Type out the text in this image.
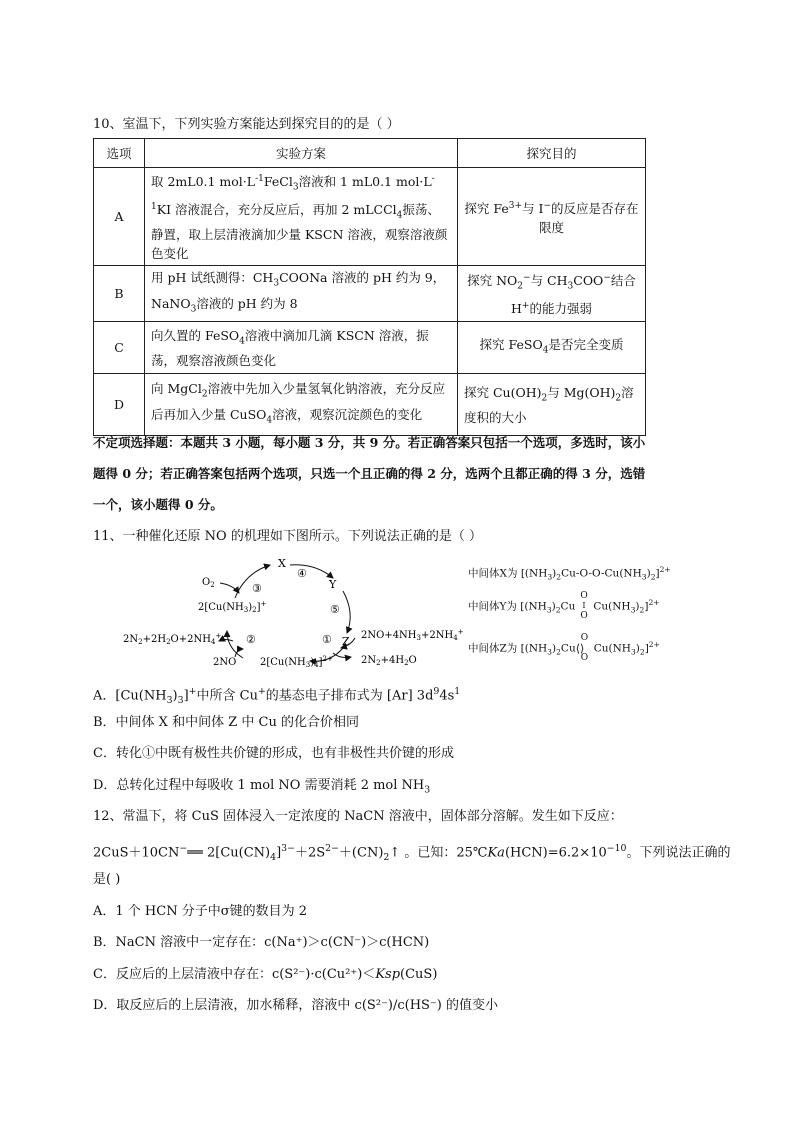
10、室温下，下列实验方案能达到探究目的的是（ ）
选项	实验方案	探究目的
A	取 2mL0.1 $mol\cdot L^{-1}FeCl_3$溶液和 1 mL0.1 $mol\cdot L^{-1}KI$ 溶液混合，充分反应后，再加 2 mLCCl$_4$振荡、静置，取上层清液滴加少量 KSCN 溶液，观察溶液颜色变化	探究 $Fe^{3+}$与 I−的反应是否存在限度
B	用 pH 试纸测得：$CH_3COONa$ 溶液的 pH 约为 9，NaNO$_3$溶液的 pH 约为 8	探究 $NO_2^-$与 $CH_3COO^-$结合 H+的能力强弱
C	向久置的 FeSO$_4$溶液中滴加几滴 KSCN 溶液，振荡，观察溶液颜色变化	探究 FeSO$_4$是否完全变质
D	向 MgCl$_2$溶液中先加入少量氢氧化钠溶液，充分反应后再加入少量 CuSO$_4$溶液，观察沉淀颜色的变化	探究 $Cu(OH)_2$与 $Mg(OH)_2$溶度积的大小
不定项选择题：本题共 3 小题，每小题 3 分，共 9 分。若正确答案只包括一个选项，多选时，该小
题得 0 分；若正确答案包括两个选项，只选一个且正确的得 2 分，选两个且都正确的得 3 分，选错
一个，该小题得 0 分。
11、一种催化还原 NO 的机理如下图所示。下列说法正确的是（ ）
X
Y
Z
④
⑤
①
②
③
$O_2$
$2[Cu(NH_3)_2]^+$
$2N_2+2H_2O+2NH_4^+$
2NO $2[Cu(NH_3)_4]^{2+}$
$2NO+4NH_3+2NH_4^+$
$2N_2+4H_2O$
中间体X为 $[(NH_3)_2Cu-O-O-Cu(NH_3)_2]^{2+}$
中间体Y为 [$(NH_3)_2Cu$
O
I
O
$Cu(NH_3)_2]^{2+}$
中间体Z为 [$(NH_3)_2Cu$
O
⟨⟩
O
$Cu(NH_3)_2]^{2+}$
A．$[Cu(NH_3)_3]^+$中所含 Cu+的基态电子排布式为 [Ar] $3d^94s^1$
B．中间体 X 和中间体 Z 中 Cu 的化合价相同
C．转化①中既有极性共价键的形成，也有非极性共价键的形成
D．总转化过程中每吸收 1 mol NO 需要消耗 2 mol $NH_3$
12、常温下，将 CuS 固体浸入一定浓度的 NaCN 溶液中，固体部分溶解。发生如下反应：
2CuS＋10CN−══ $2[Cu(CN)_4]^{3-}+2S^{2-}+(CN)_2↑$ 。已知：$25℃Ka(HCN)=6.2\times 10^{-10}$。下列说法正确的
是( )
A．1 个 HCN 分子中σ键的数目为 2
B．NaCN 溶液中一定存在：c(Na⁺)＞c(CN⁻)＞c(HCN)
C．反应后的上层清液中存在：c(S²⁻)·c(Cu²⁺)＜Ksp(CuS)
D．取反应后的上层清液，加水稀释，溶液中 c(S²⁻)/c(HS⁻) 的值变小
